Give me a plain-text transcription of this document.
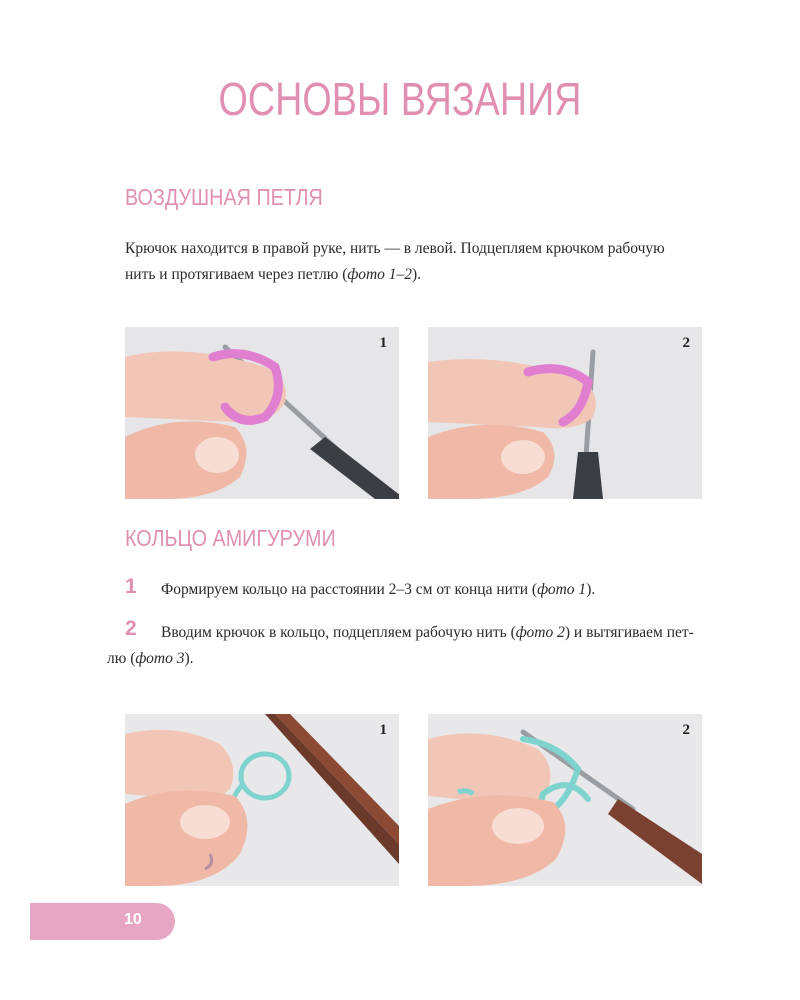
ОСНОВЫ ВЯЗАНИЯ
ВОЗДУШНАЯ ПЕТЛЯ
Крючок находится в правой руке, нить — в левой. Подцепляем крючком рабочую
нить и протягиваем через петлю (фото 1–2).
1	2
КОЛЬЦО АМИГУРУМИ
1	Формируем кольцо на расстоянии 2–3 см от конца нити (фото 1).
2	Вводим крючок в кольцо, подцепляем рабочую нить (фото 2) и вытягиваем пет-
лю (фото 3).
1	2
10
